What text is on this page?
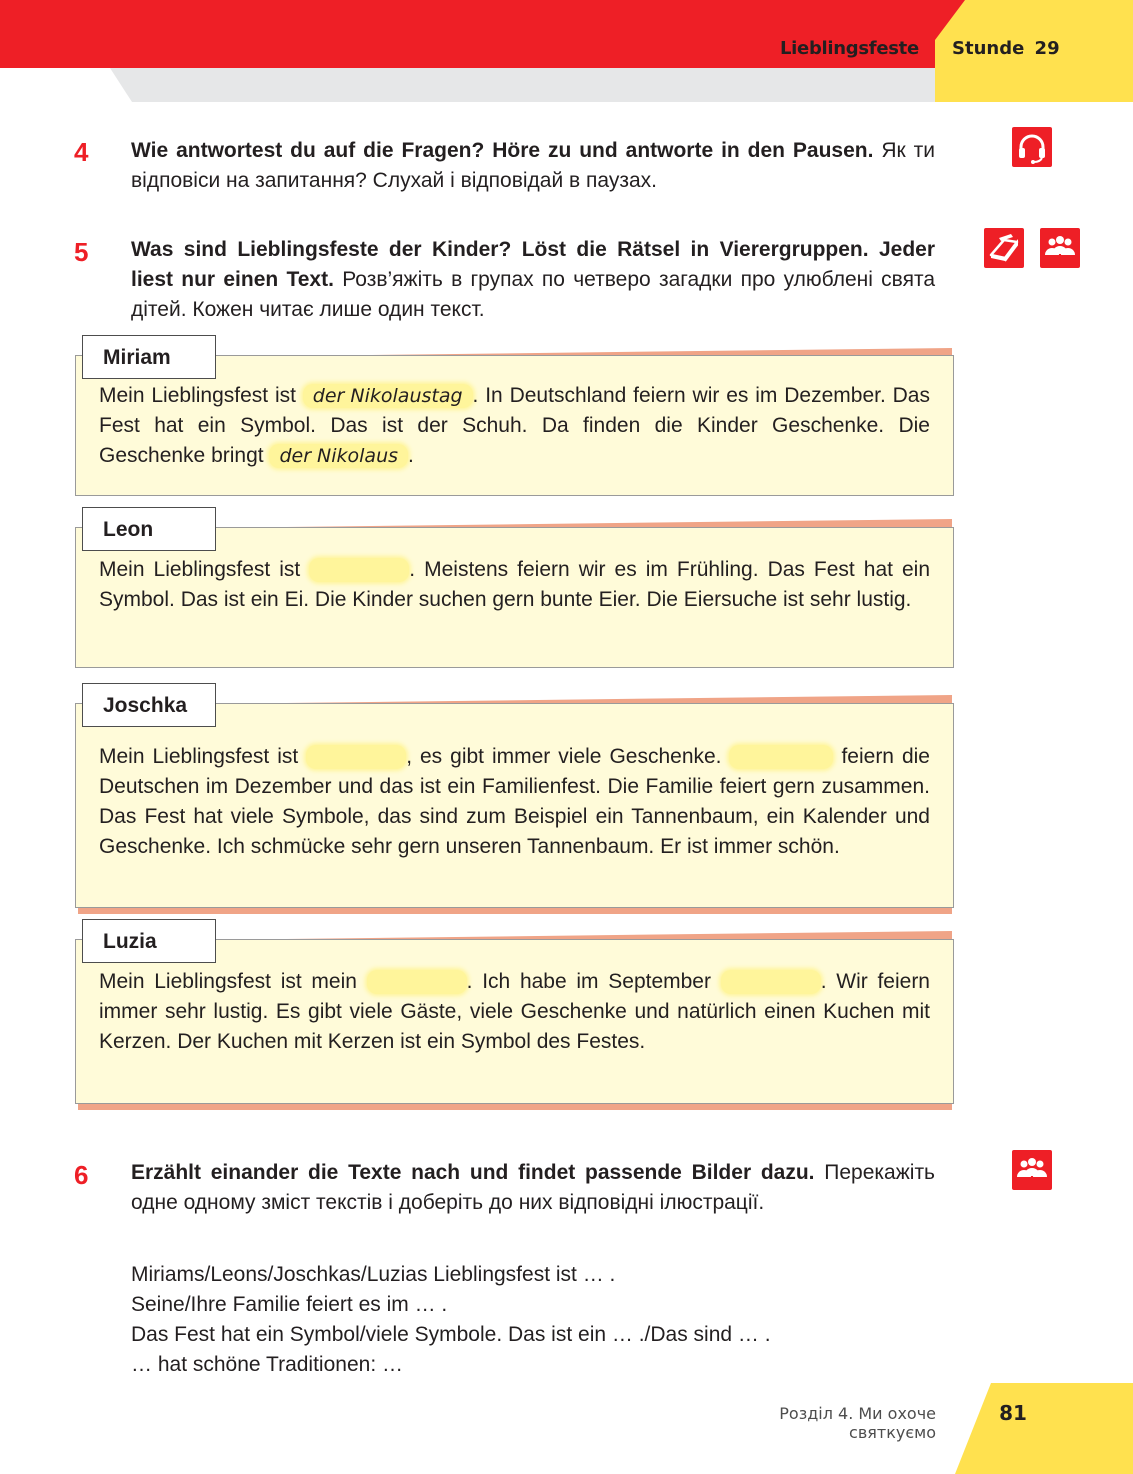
Lieblingsfeste Stunde 29
4 Wie antwortest du auf die Fragen? Höre zu und antworte in den Pausen. Як ти відповіси на запитання? Слухай і відповідай в паузах.
5 Was sind Lieblingsfeste der Kinder? Löst die Rätsel in Vierergruppen. Jeder liest nur einen Text. Розв’яжіть в групах по четверо загадки про улюблені свята дітей. Кожен читає лише один текст.
Miriam
Mein Lieblingsfest ist der Nikolaustag . In Deutschland feiern wir es im Dezember. Das Fest hat ein Symbol. Das ist der Schuh. Da finden die Kinder Geschenke. Die Geschenke bringt der Nikolaus .
Leon
Mein Lieblingsfest ist	. Meistens feiern wir es im Frühling. Das Fest hat ein Symbol. Das ist ein Ei. Die Kinder suchen gern bunte Eier. Die Eiersuche ist sehr lustig.
Joschka
Mein Lieblingsfest ist	, es gibt immer viele Geschenke.	feiern die Deutschen im Dezember und das ist ein Familienfest. Die Familie feiert gern zusammen. Das Fest hat viele Symbole, das sind zum Beispiel ein Tannenbaum, ein Kalender und Geschenke. Ich schmücke sehr gern unseren Tannenbaum. Er ist immer schön.
Luzia
Mein Lieblingsfest ist mein	. Ich habe im September	. Wir feiern immer sehr lustig. Es gibt viele Gäste, viele Geschenke und natürlich einen Kuchen mit Kerzen. Der Kuchen mit Kerzen ist ein Symbol des Festes.
6 Erzählt einander die Texte nach und findet passende Bilder dazu. Перекажіть одне одному зміст текстів і доберіть до них відповідні ілюстрації.
Miriams/Leons/Joschkas/Luzias Lieblingsfest ist … .
Seine/Ihre Familie feiert es im … .
Das Fest hat ein Symbol/viele Symbole. Das ist ein … ./Das sind … .
… hat schöne Traditionen: …
Розділ 4. Ми охоче святкуємо
81
